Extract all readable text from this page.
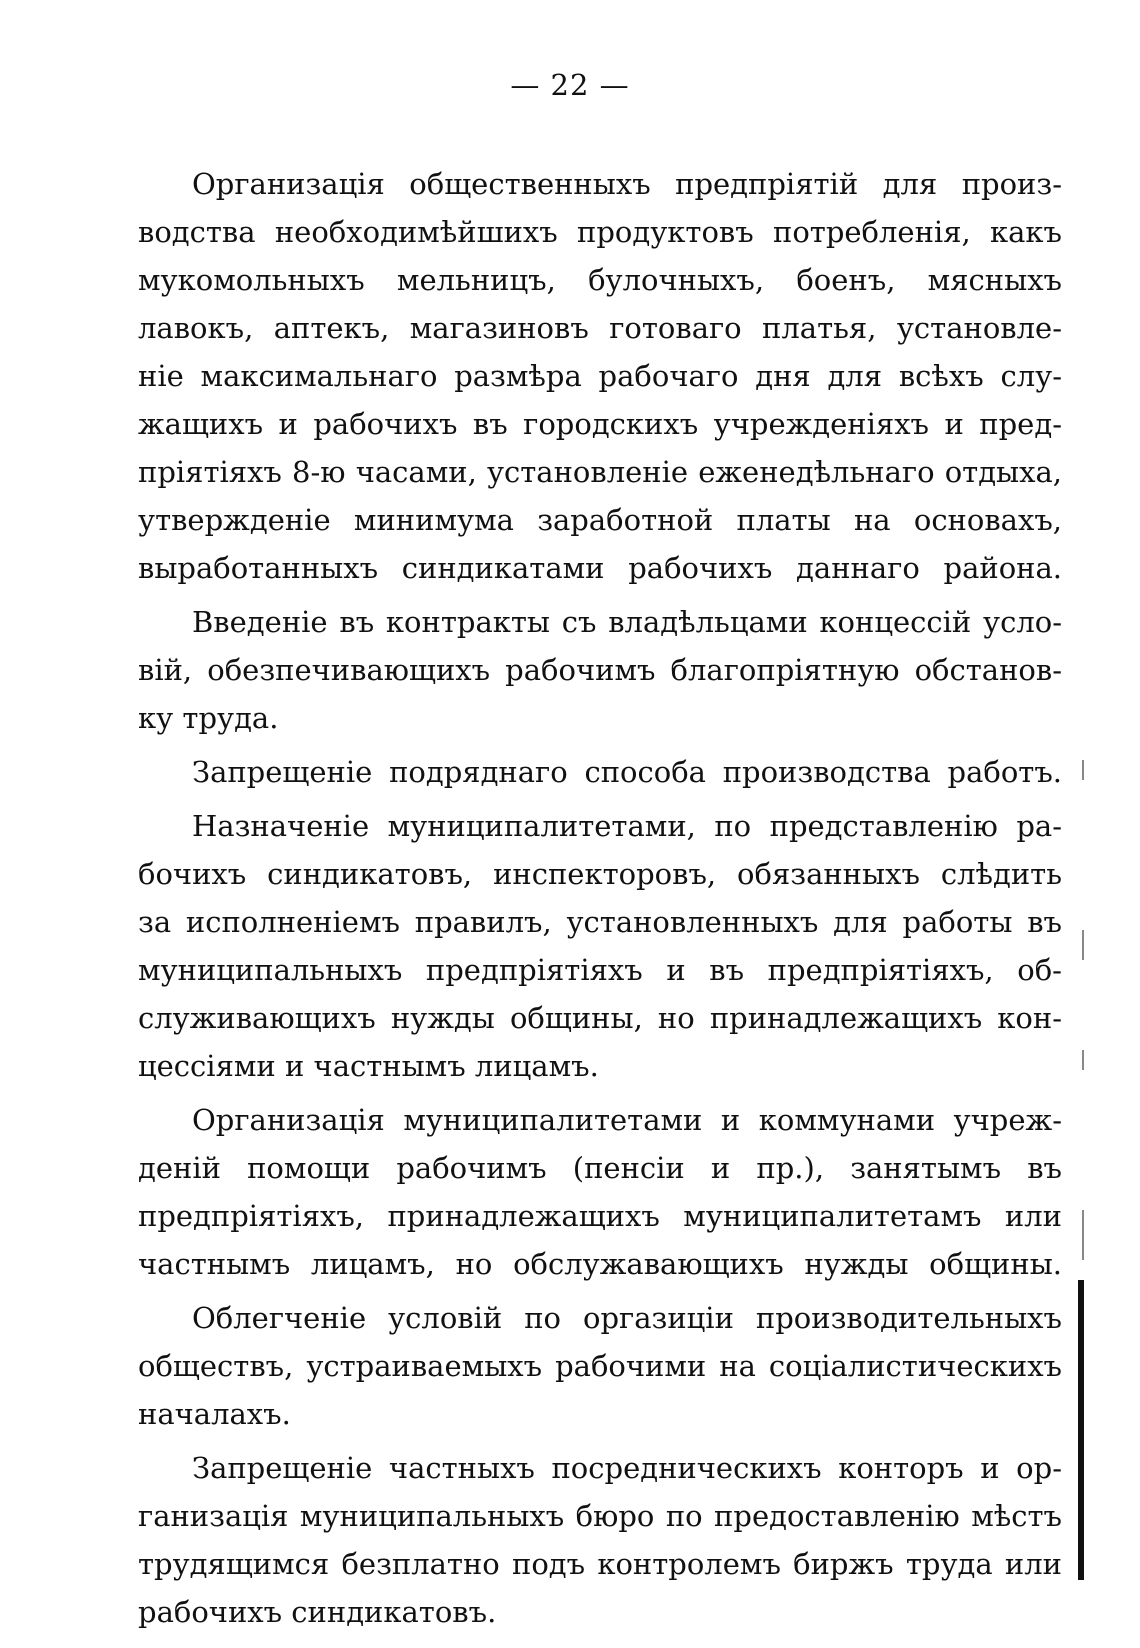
— 22 —
Организація общественныхъ предпріятій для произ-
водства необходимѣйшихъ продуктовъ потребленія, какъ
мукомольныхъ мельницъ, булочныхъ, боенъ, мясныхъ
лавокъ, аптекъ, магазиновъ готоваго платья, установле-
ніе максимальнаго размѣра рабочаго дня для всѣхъ слу-
жащихъ и рабочихъ въ городскихъ учрежденіяхъ и пред-
пріятіяхъ 8-ю часами, установленіе еженедѣльнаго отдыха,
утвержденіе минимума заработной платы на основахъ,
выработанныхъ синдикатами рабочихъ даннаго района.
Введеніе въ контракты съ владѣльцами концессій усло-
вій, обезпечивающихъ рабочимъ благопріятную обстанов-
ку труда.
Запрещеніе подряднаго способа производства работъ.
Назначеніе муниципалитетами, по представленію ра-
бочихъ синдикатовъ, инспекторовъ, обязанныхъ слѣдить
за исполненіемъ правилъ, установленныхъ для работы въ
муниципальныхъ предпріятіяхъ и въ предпріятіяхъ, об-
служивающихъ нужды общины, но принадлежащихъ кон-
цессіями и частнымъ лицамъ.
Организація муниципалитетами и коммунами учреж-
деній помощи рабочимъ (пенсіи и пр.), занятымъ въ
предпріятіяхъ, принадлежащихъ муниципалитетамъ или
частнымъ лицамъ, но обслужавающихъ нужды общины.
Облегченіе условій по оргазиціи производительныхъ
обществъ, устраиваемыхъ рабочими на соціалистическихъ
началахъ.
Запрещеніе частныхъ посредническихъ конторъ и ор-
ганизація муниципальныхъ бюро по предоставленію мѣстъ
трудящимся безплатно подъ контролемъ биржъ труда или
рабочихъ синдикатовъ.
